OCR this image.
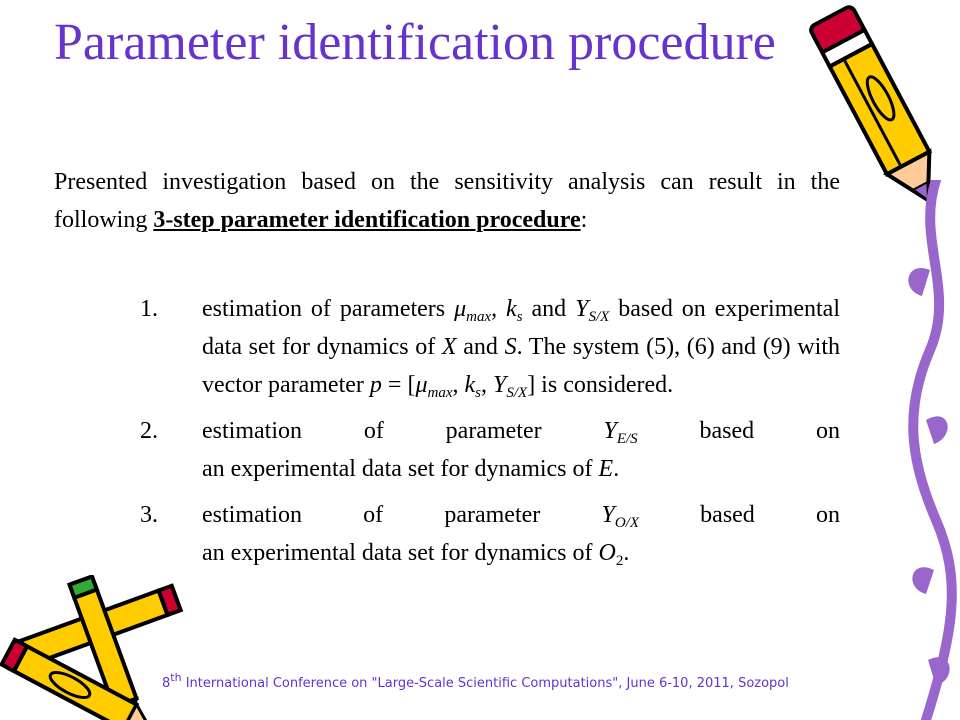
Parameter identification procedure
Presented investigation based on the sensitivity analysis can result in the following 3-step parameter identification procedure:
1. estimation of parameters $\mu_{max}$, $k_s$ and $Y_{S/X}$ based on experimental data set for dynamics of X and S. The system (5), (6) and (9) with vector parameter $p = [\mu_{max}$, $k_s$, $Y_{S/X}$] is considered.
2. estimation of parameter $Y_{E/S}$ based on
an experimental data set for dynamics of E.
3. estimation of parameter $Y_{O/X}$ based on
an experimental data set for dynamics of $O_2$.
8th International Conference on "Large-Scale Scientific Computations", June 6-10, 2011, Sozopol
